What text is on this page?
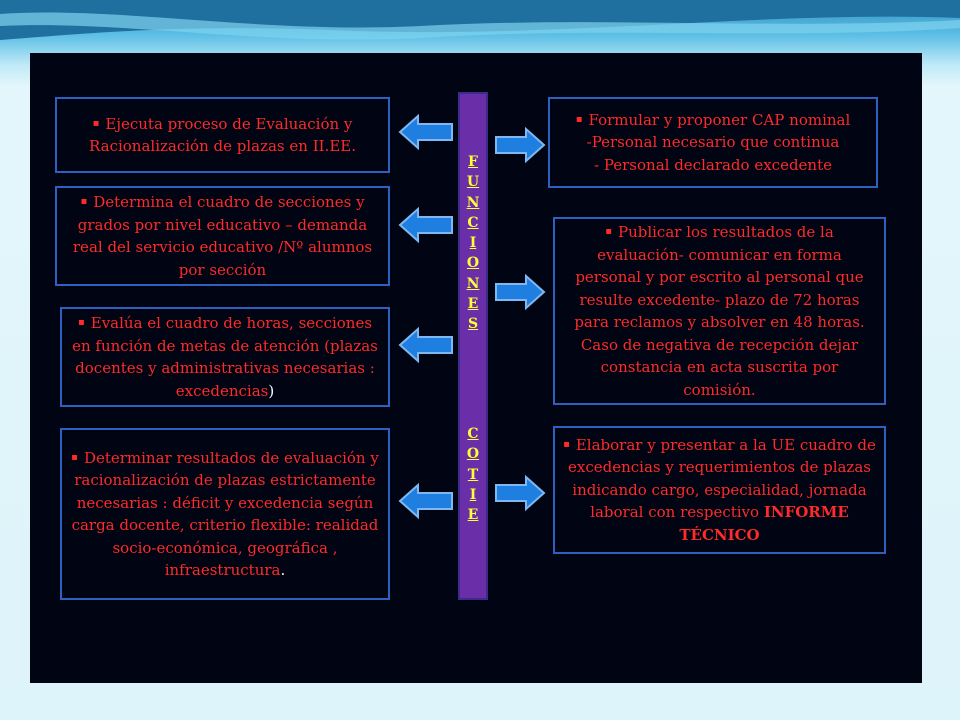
F
U
N
C
I
O
N
E
S
C
O
T
I
E
▪ Ejecuta proceso de Evaluación y Racionalización de plazas en II.EE.
▪ Determina el cuadro de secciones y grados por nivel educativo – demanda real del servicio educativo /Nº alumnos por sección
▪ Evalúa el cuadro de horas, secciones en función de metas de atención (plazas docentes y administrativas necesarias : excedencias)
▪ Determinar resultados de evaluación y racionalización de plazas estrictamente necesarias : déficit y excedencia según carga docente, criterio flexible: realidad socio-económica, geográfica , infraestructura.
▪ Formular y proponer CAP nominal
-Personal necesario que continua
- Personal declarado excedente
▪ Publicar los resultados de la evaluación- comunicar en forma personal y por escrito al personal que resulte excedente- plazo de 72 horas para reclamos y absolver en 48 horas. Caso de negativa de recepción dejar constancia en acta suscrita por comisión.
▪ Elaborar y presentar a la UE cuadro de excedencias y requerimientos de plazas indicando cargo, especialidad, jornada laboral con respectivo INFORME TÉCNICO
